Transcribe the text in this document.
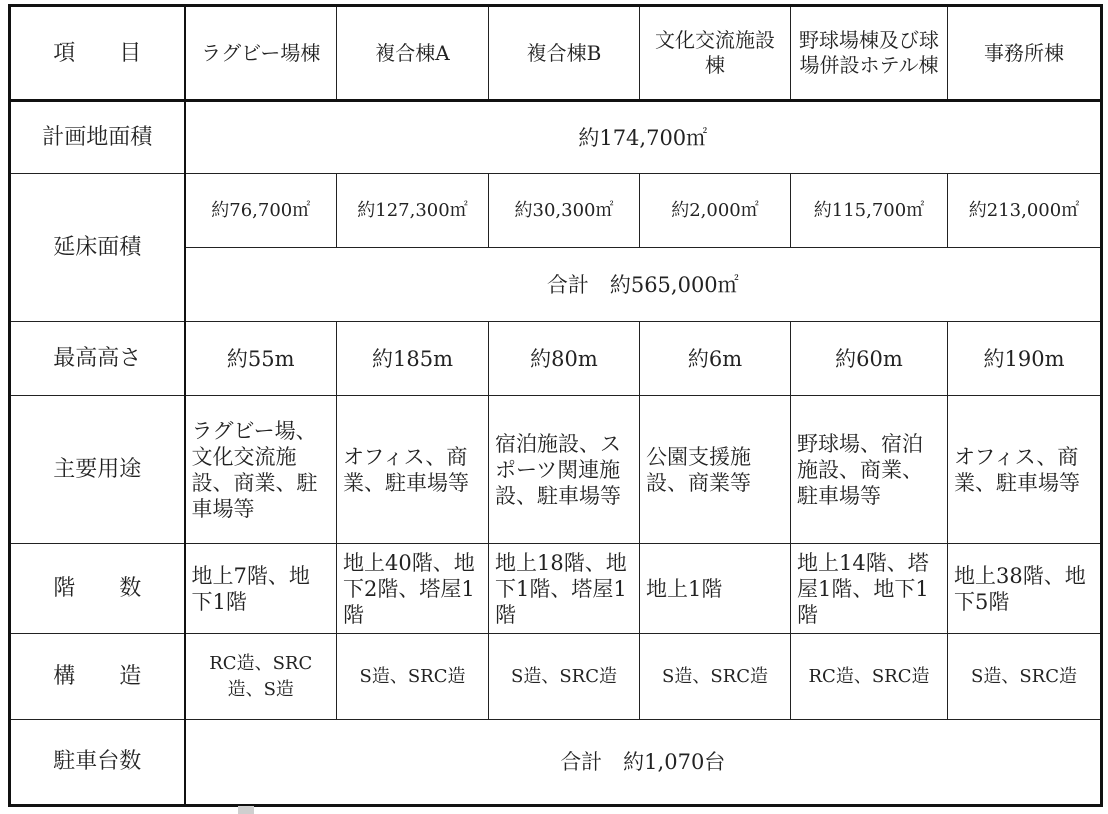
項　　目	ラグビー場棟	複合棟A	複合棟B	文化交流施設棟	野球場棟及び球場併設ホテル棟	事務所棟
計画地面積	約174,700㎡					
延床面積	約76,700㎡	約127,300㎡	約30,300㎡	約2,000㎡	約115,700㎡	約213,000㎡
	合計　約565,000㎡					
最高高さ	約55m	約185m	約80m	約6m	約60m	約190m
主要用途	ラグビー場、文化交流施設、商業、駐車場等	オフィス、商業、駐車場等	宿泊施設、スポーツ関連施設、駐車場等	公園支援施設、商業等	野球場、宿泊施設、商業、駐車場等	オフィス、商業、駐車場等
階　　数	地上7階、地下1階	地上40階、地下2階、塔屋1階	地上18階、地下1階、塔屋1階	地上1階	地上14階、塔屋1階、地下1階	地上38階、地下5階
構　　造	RC造、SRC造、S造	S造、SRC造	S造、SRC造	S造、SRC造	RC造、SRC造	S造、SRC造
駐車台数	合計　約1,070台					
